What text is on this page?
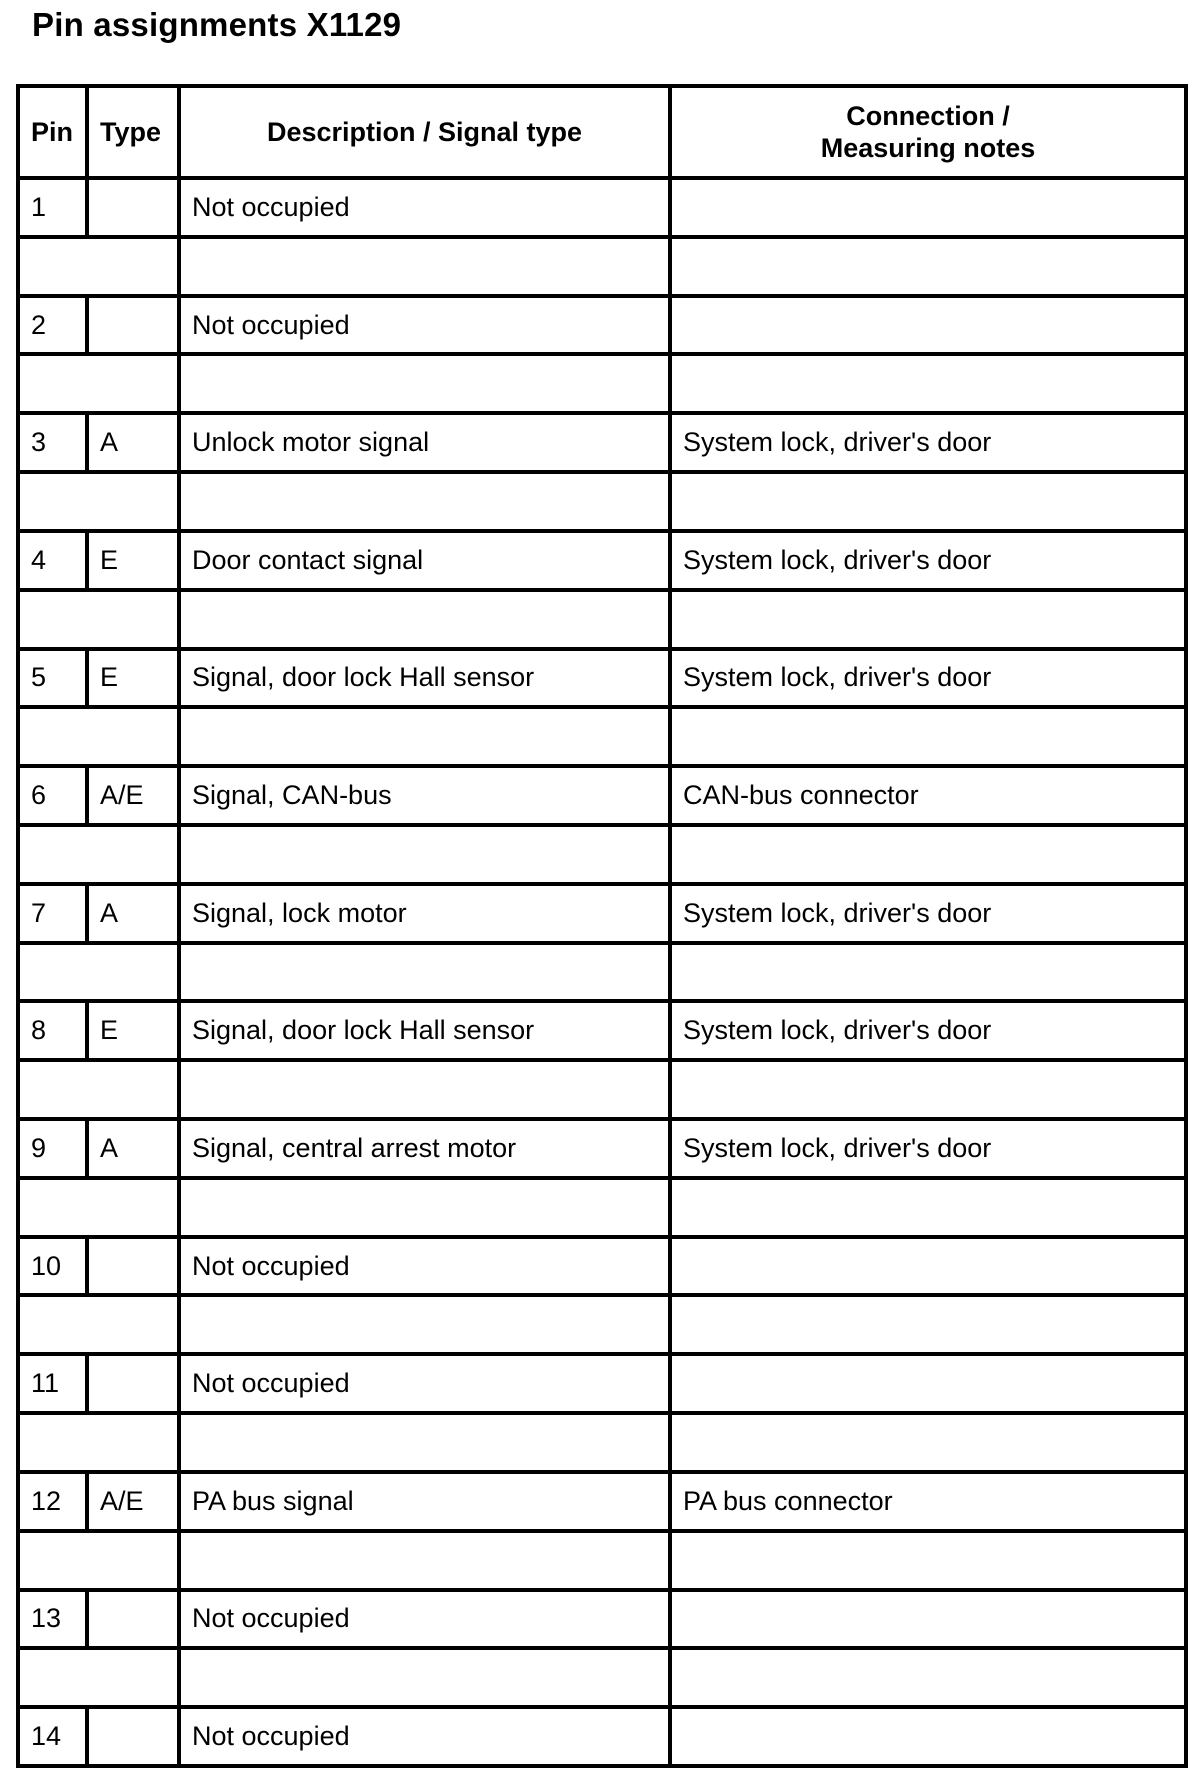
Pin assignments X1129
Pin	Type	Description / Signal type	Connection /
Measuring notes

1		Not occupied	

2		Not occupied	

3	A	Unlock motor signal	System lock, driver's door

4	E	Door contact signal	System lock, driver's door

5	E	Signal, door lock Hall sensor	System lock, driver's door

6	A/E	Signal, CAN-bus	CAN-bus connector

7	A	Signal, lock motor	System lock, driver's door

8	E	Signal, door lock Hall sensor	System lock, driver's door

9	A	Signal, central arrest motor	System lock, driver's door

10		Not occupied	

11		Not occupied	

12	A/E	PA bus signal	PA bus connector

13		Not occupied	

14		Not occupied	
